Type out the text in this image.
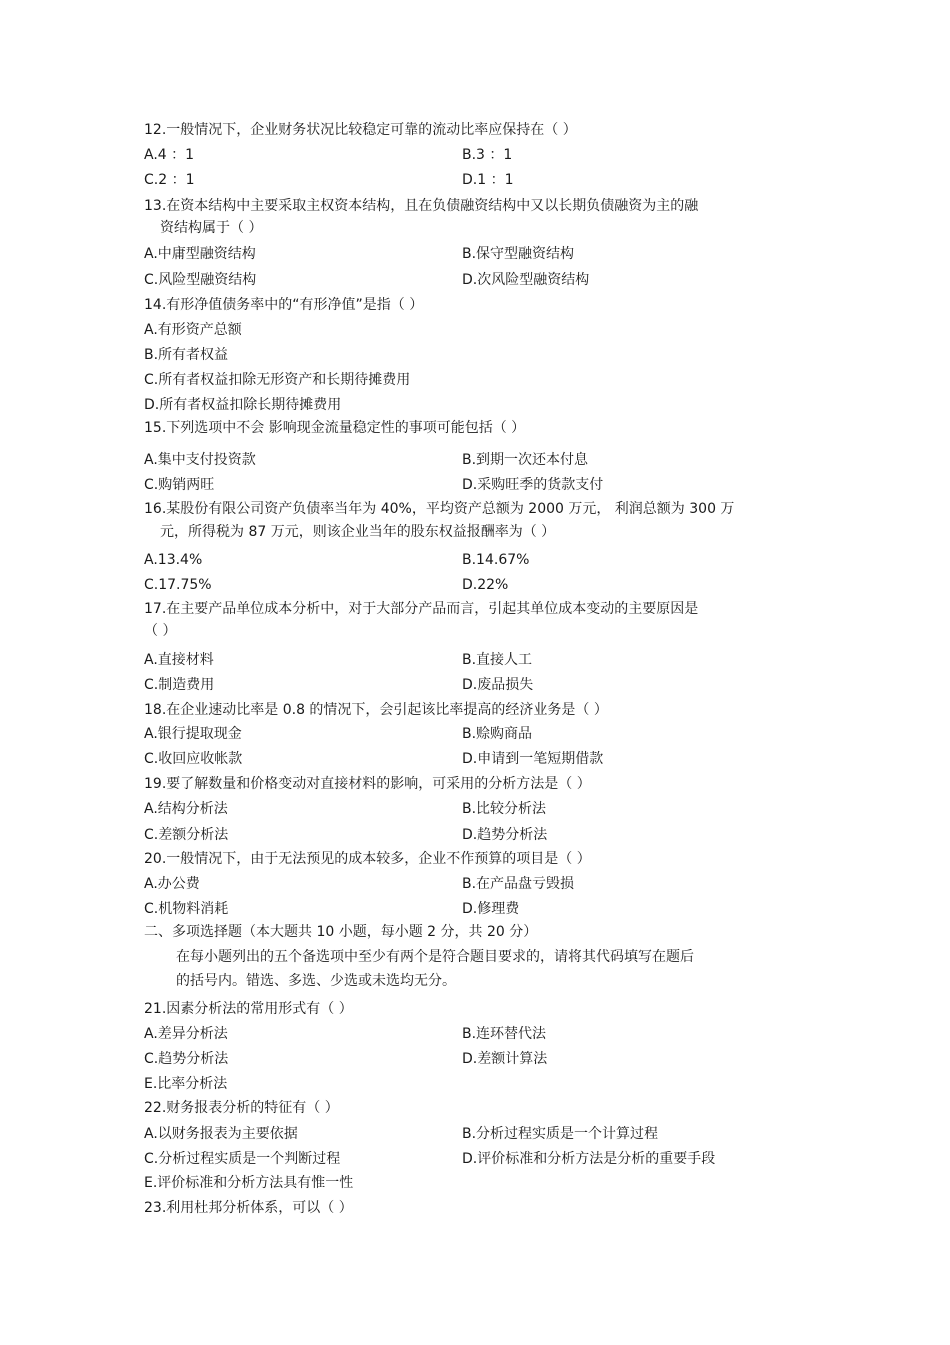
12.一般情况下，企业财务状况比较稳定可靠的流动比率应保持在（ ）
A.4 ：1	B.3 ：1
C.2 ：1	D.1 ：1
13.在资本结构中主要采取主权资本结构，且在负债融资结构中又以长期负债融资为主的融
资结构属于（ ）
A.中庸型融资结构	B.保守型融资结构
C.风险型融资结构	D.次风险型融资结构
14.有形净值债务率中的“有形净值”是指（ ）
A.有形资产总额
B.所有者权益
C.所有者权益扣除无形资产和长期待摊费用
D.所有者权益扣除长期待摊费用
15.下列选项中不会 影响现金流量稳定性的事项可能包括（ ）
A.集中支付投资款	B.到期一次还本付息
C.购销两旺	D.采购旺季的货款支付
16.某股份有限公司资产负债率当年为 40%，平均资产总额为 2000 万元， 利润总额为 300 万
元，所得税为 87 万元，则该企业当年的股东权益报酬率为（ ）
A.13.4%	B.14.67%
C.17.75%	D.22%
17.在主要产品单位成本分析中，对于大部分产品而言，引起其单位成本变动的主要原因是
（ ）
A.直接材料	B.直接人工
C.制造费用	D.废品损失
18.在企业速动比率是 0.8 的情况下，会引起该比率提高的经济业务是（ ）
A.银行提取现金	B.赊购商品
C.收回应收帐款	D.申请到一笔短期借款
19.要了解数量和价格变动对直接材料的影响，可采用的分析方法是（ ）
A.结构分析法	B.比较分析法
C.差额分析法	D.趋势分析法
20.一般情况下，由于无法预见的成本较多，企业不作预算的项目是（ ）
A.办公费	B.在产品盘亏毁损
C.机物料消耗	D.修理费
二、多项选择题（本大题共 10 小题，每小题 2 分，共 20 分）
在每小题列出的五个备选项中至少有两个是符合题目要求的，请将其代码填写在题后
的括号内。错选、多选、少选或未选均无分。
21.因素分析法的常用形式有（ ）
A.差异分析法	B.连环替代法
C.趋势分析法	D.差额计算法
E.比率分析法
22.财务报表分析的特征有（ ）
A.以财务报表为主要依据	B.分析过程实质是一个计算过程
C.分析过程实质是一个判断过程	D.评价标准和分析方法是分析的重要手段
E.评价标准和分析方法具有惟一性
23.利用杜邦分析体系，可以（ ）
